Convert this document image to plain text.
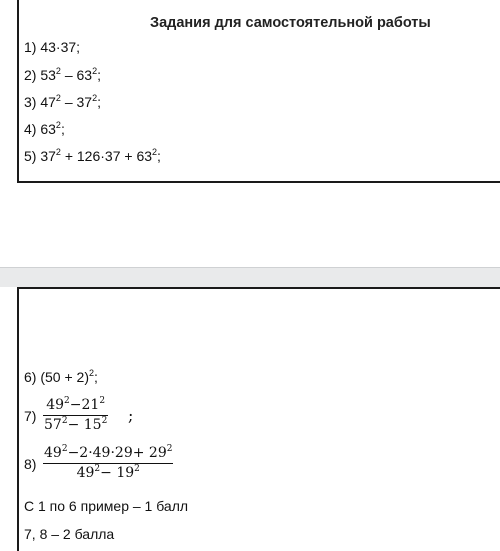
Задания для самостоятельной работы
1) 43·37;
2) $53^2 - 63^2$;
3) $47^2 - 37^2$;
4) $63^2$;
5) $37^2 + 126\cdot 37 + 63^2$;
6) $(50 + 2)^2$;
7)
$49^2-21^2$
$57^2- 15^2$ ;
8)
$49^2-2\cdot 49\cdot 29+ 29^2$
$49^2- 19^2$
С 1 по 6 пример – 1 балл
7, 8 – 2 балла
